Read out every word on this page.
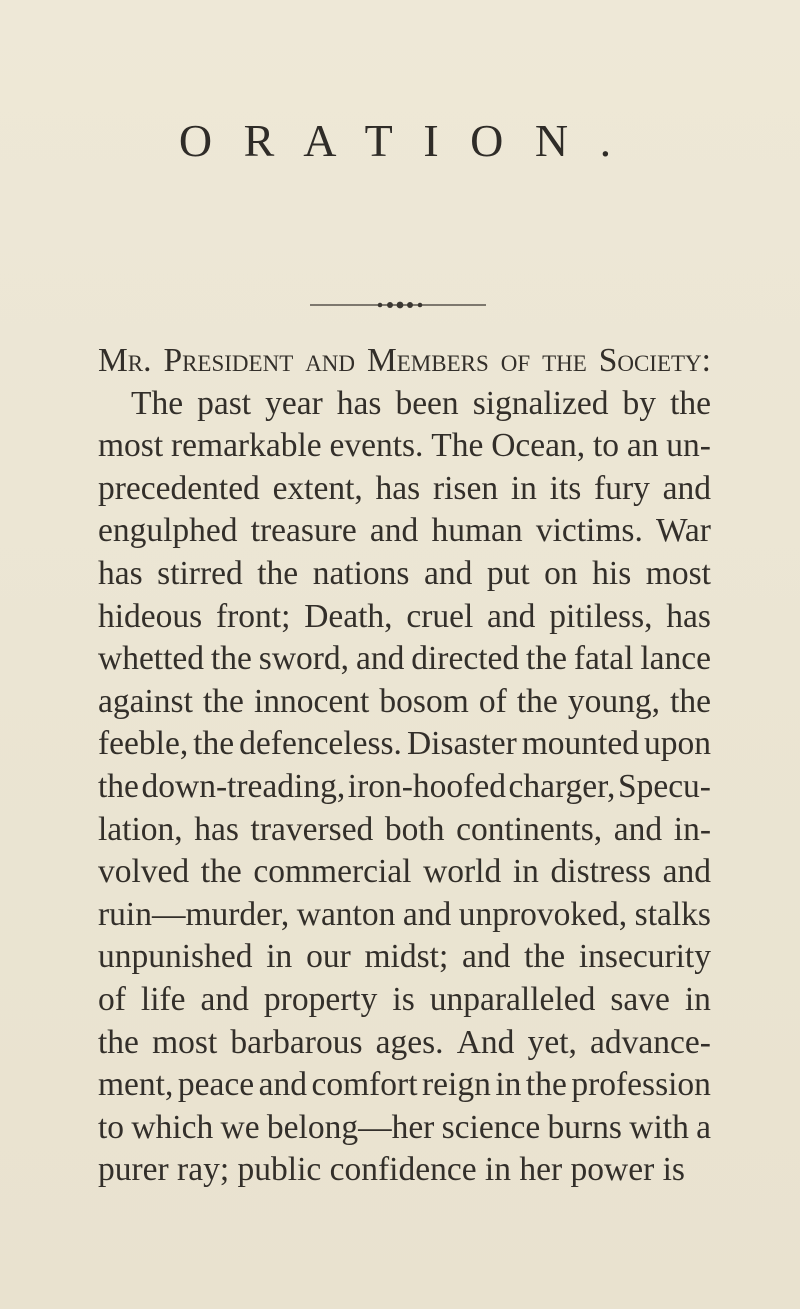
O R A T I O N .
Mr. President and Members of the Society:
The past year has been signalized by the
most remarkable events. The Ocean, to an un-
precedented extent, has risen in its fury and
engulphed treasure and human victims. War
has stirred the nations and put on his most
hideous front; Death, cruel and pitiless, has
whetted the sword, and directed the fatal lance
against the innocent bosom of the young, the
feeble, the defenceless. Disaster mounted upon
the down-treading, iron-hoofed charger, Specu-
lation, has traversed both continents, and in-
volved the commercial world in distress and
ruin—murder, wanton and unprovoked, stalks
unpunished in our midst; and the insecurity
of life and property is unparalleled save in
the most barbarous ages. And yet, advance-
ment, peace and comfort reign in the profession
to which we belong—her science burns with a
purer ray; public confidence in her power is
